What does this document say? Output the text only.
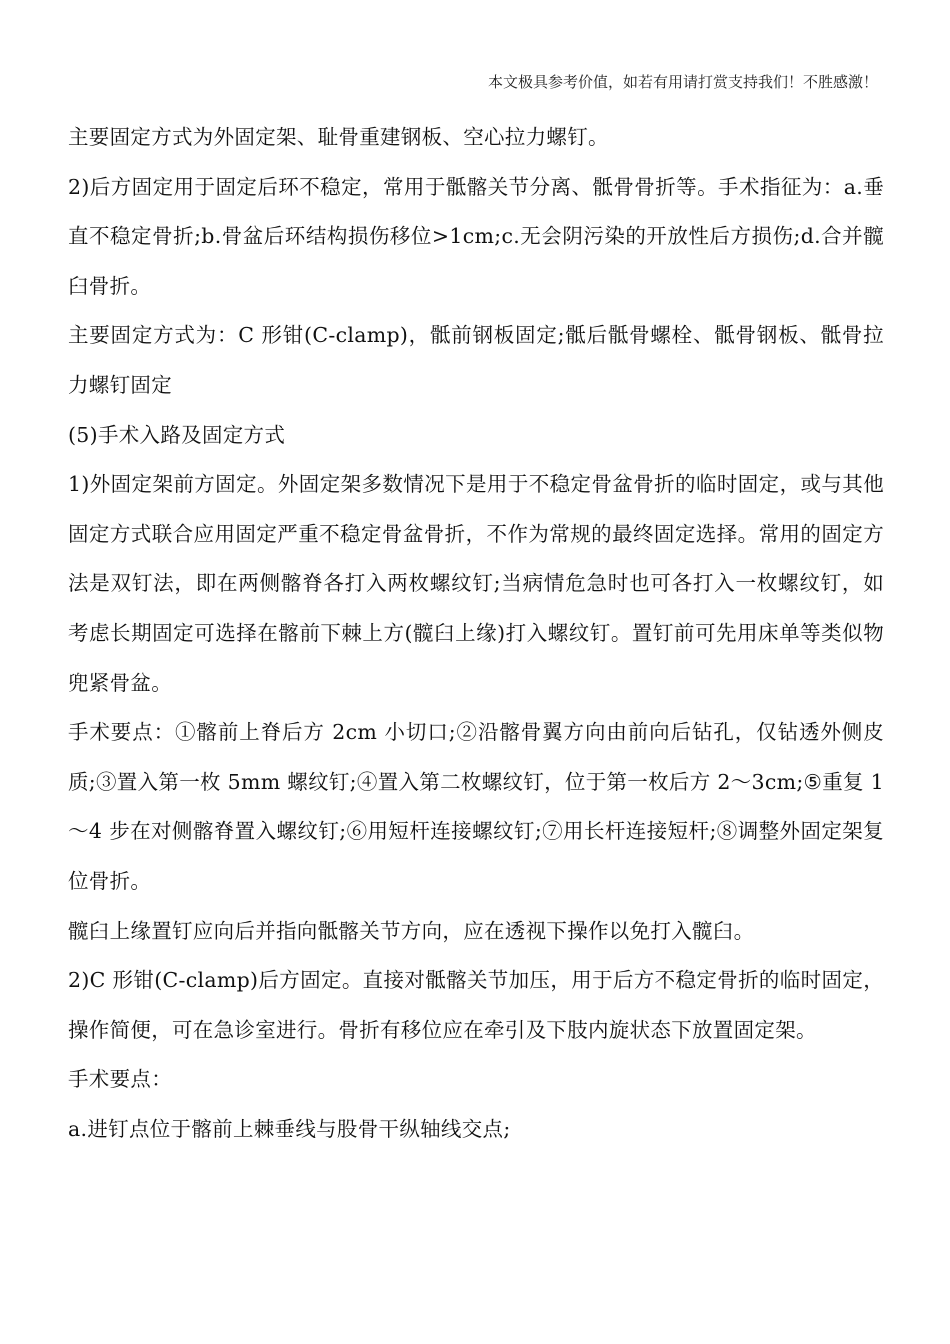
本文极具参考价值，如若有用请打赏支持我们！不胜感激！

主要固定方式为外固定架、耻骨重建钢板、空心拉力螺钉。

2)后方固定用于固定后环不稳定，常用于骶髂关节分离、骶骨骨折等。手术指征为：a.垂直不稳定骨折;b.骨盆后环结构损伤移位>1cm;c.无会阴污染的开放性后方损伤;d.合并髋臼骨折。

主要固定方式为：C 形钳(C-clamp)，骶前钢板固定;骶后骶骨螺栓、骶骨钢板、骶骨拉力螺钉固定

(5)手术入路及固定方式

1)外固定架前方固定。外固定架多数情况下是用于不稳定骨盆骨折的临时固定，或与其他固定方式联合应用固定严重不稳定骨盆骨折，不作为常规的最终固定选择。常用的固定方法是双钉法，即在两侧髂脊各打入两枚螺纹钉;当病情危急时也可各打入一枚螺纹钉，如考虑长期固定可选择在髂前下棘上方(髋臼上缘)打入螺纹钉。置钉前可先用床单等类似物兜紧骨盆。

手术要点：①髂前上脊后方 2cm 小切口;②沿髂骨翼方向由前向后钻孔，仅钻透外侧皮质;③置入第一枚 5mm 螺纹钉;④置入第二枚螺纹钉，位于第一枚后方 2～3cm;⑤重复 1～4 步在对侧髂脊置入螺纹钉;⑥用短杆连接螺纹钉;⑦用长杆连接短杆;⑧调整外固定架复位骨折。

髋臼上缘置钉应向后并指向骶髂关节方向，应在透视下操作以免打入髋臼。

2)C 形钳(C-clamp)后方固定。直接对骶髂关节加压，用于后方不稳定骨折的临时固定，操作简便，可在急诊室进行。骨折有移位应在牵引及下肢内旋状态下放置固定架。

手术要点：

a.进钉点位于髂前上棘垂线与股骨干纵轴线交点;
